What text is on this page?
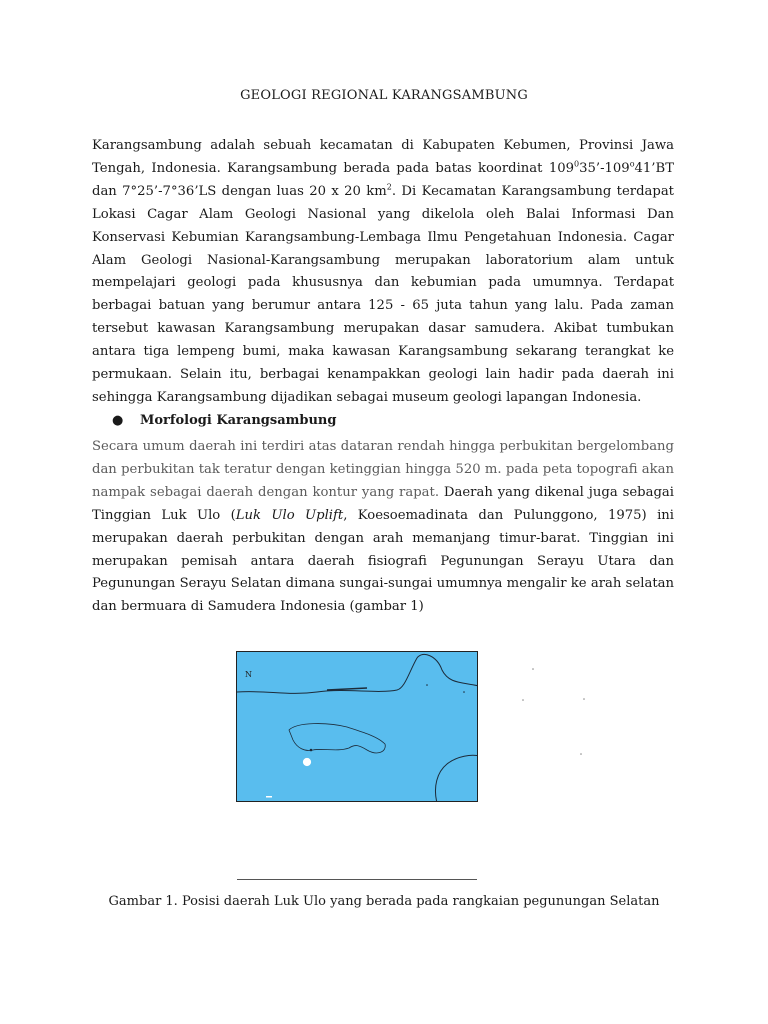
GEOLOGI REGIONAL KARANGSAMBUNG

Karangsambung adalah sebuah kecamatan di Kabupaten Kebumen, Provinsi Jawa Tengah, Indonesia. Karangsambung berada pada batas koordinat $109^035’-109^o41’BT$ dan 7°25’-7°36’LS dengan luas 20 x 20 $km^2$. Di Kecamatan Karangsambung terdapat Lokasi Cagar Alam Geologi Nasional yang dikelola oleh Balai Informasi Dan Konservasi Kebumian Karangsambung-Lembaga Ilmu Pengetahuan Indonesia. Cagar Alam Geologi Nasional-Karangsambung merupakan laboratorium alam untuk mempelajari geologi pada khususnya dan kebumian pada umumnya. Terdapat berbagai batuan yang berumur antara 125 - 65 juta tahun yang lalu. Pada zaman tersebut kawasan Karangsambung merupakan dasar samudera. Akibat tumbukan antara tiga lempeng bumi, maka kawasan Karangsambung sekarang terangkat ke permukaan. Selain itu, berbagai kenampakkan geologi lain hadir pada daerah ini sehingga Karangsambung dijadikan sebagai museum geologi lapangan Indonesia.

● Morfologi Karangsambung

Secara umum daerah ini terdiri atas dataran rendah hingga perbukitan bergelombang dan perbukitan tak teratur dengan ketinggian hingga 520 m. pada peta topografi akan nampak sebagai daerah dengan kontur yang rapat. Daerah yang dikenal juga sebagai Tinggian Luk Ulo (Luk Ulo Uplift, Koesoemadinata dan Pulunggono, 1975) ini merupakan daerah perbukitan dengan arah memanjang timur-barat. Tinggian ini merupakan pemisah antara daerah fisiografi Pegunungan Serayu Utara dan Pegunungan Serayu Selatan dimana sungai-sungai umumnya mengalir ke arah selatan dan bermuara di Samudera Indonesia (gambar 1)

N
Gambar 1. Posisi daerah Luk Ulo yang berada pada rangkaian pegunungan Selatan
